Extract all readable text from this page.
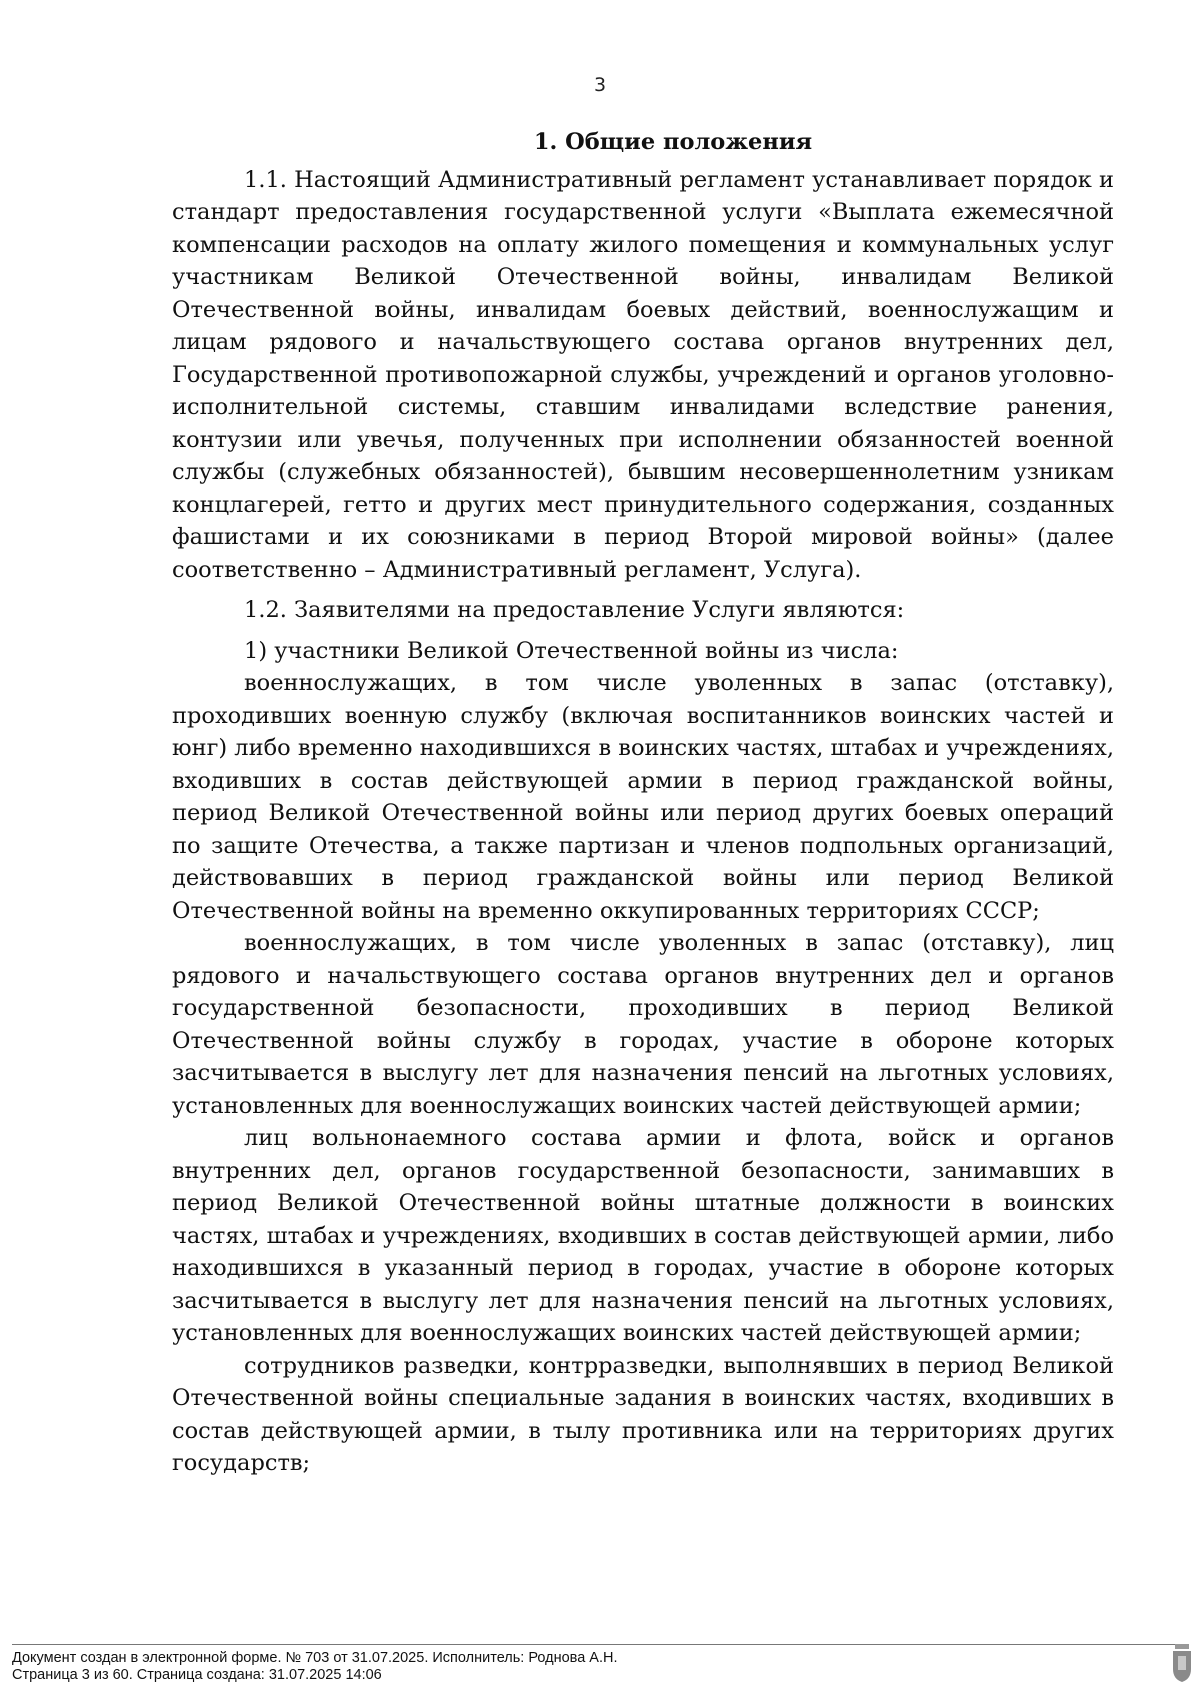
3

1. Общие положения

1.1. Настоящий Административный регламент устанавливает порядок и стандарт предоставления государственной услуги «Выплата ежемесячной компенсации расходов на оплату жилого помещения и коммунальных услуг участникам Великой Отечественной войны, инвалидам Великой Отечественной войны, инвалидам боевых действий, военнослужащим и лицам рядового и начальствующего состава органов внутренних дел, Государственной противопожарной службы, учреждений и органов уголовно-исполнительной системы, ставшим инвалидами вследствие ранения, контузии или увечья, полученных при исполнении обязанностей военной службы (служебных обязанностей), бывшим несовершеннолетним узникам концлагерей, гетто и других мест принудительного содержания, созданных фашистами и их союзниками в период Второй мировой войны» (далее соответственно – Административный регламент, Услуга).

1.2. Заявителями на предоставление Услуги являются:

1) участники Великой Отечественной войны из числа:

военнослужащих, в том числе уволенных в запас (отставку), проходивших военную службу (включая воспитанников воинских частей и юнг) либо временно находившихся в воинских частях, штабах и учреждениях, входивших в состав действующей армии в период гражданской войны, период Великой Отечественной войны или период других боевых операций по защите Отечества, а также партизан и членов подпольных организаций, действовавших в период гражданской войны или период Великой Отечественной войны на временно оккупированных территориях СССР;

военнослужащих, в том числе уволенных в запас (отставку), лиц рядового и начальствующего состава органов внутренних дел и органов государственной безопасности, проходивших в период Великой Отечественной войны службу в городах, участие в обороне которых засчитывается в выслугу лет для назначения пенсий на льготных условиях, установленных для военнослужащих воинских частей действующей армии;

лиц вольнонаемного состава армии и флота, войск и органов внутренних дел, органов государственной безопасности, занимавших в период Великой Отечественной войны штатные должности в воинских частях, штабах и учреждениях, входивших в состав действующей армии, либо находившихся в указанный период в городах, участие в обороне которых засчитывается в выслугу лет для назначения пенсий на льготных условиях, установленных для военнослужащих воинских частей действующей армии;

сотрудников разведки, контрразведки, выполнявших в период Великой Отечественной войны специальные задания в воинских частях, входивших в состав действующей армии, в тылу противника или на территориях других государств;

Документ создан в электронной форме. № 703 от 31.07.2025. Исполнитель: Роднова А.Н.
Страница 3 из 60. Страница создана: 31.07.2025 14:06
